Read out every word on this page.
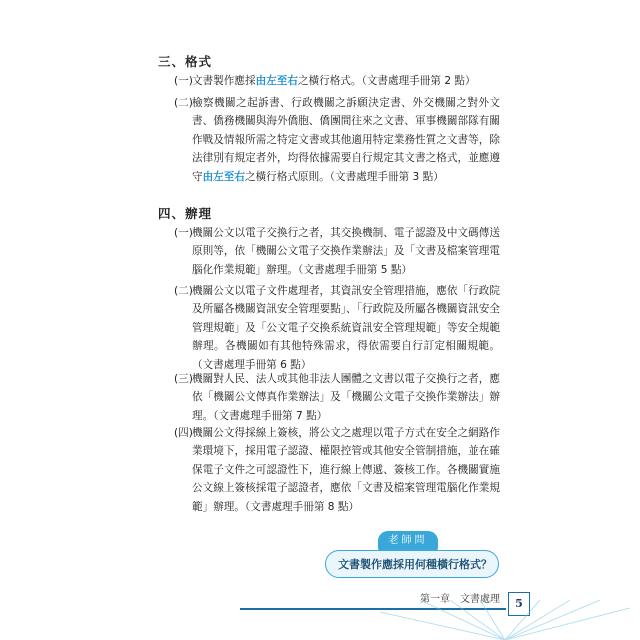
三、格式
(一) 文書製作應採由左至右之橫行格式。（文書處理手冊第 2 點）
(二) 檢察機關之起訴書、行政機關之訴願決定書、外交機關之對外文書、僑務機關與海外僑胞、僑團間往來之文書、軍事機關部隊有關作戰及情報所需之特定文書或其他適用特定業務性質之文書等，除法律別有規定者外，均得依據需要自行規定其文書之格式，並應遵守由左至右之橫行格式原則。（文書處理手冊第 3 點）
四、辦理
(一) 機關公文以電子交換行之者，其交換機制、電子認證及中文碼傳送原則等，依「機關公文電子交換作業辦法」及「文書及檔案管理電腦化作業規範」辦理。（文書處理手冊第 5 點）
(二) 機關公文以電子文件處理者，其資訊安全管理措施，應依「行政院及所屬各機關資訊安全管理要點」、「行政院及所屬各機關資訊安全管理規範」及「公文電子交換系統資訊安全管理規範」等安全規範辦理。各機關如有其他特殊需求，得依需要自行訂定相關規範。（文書處理手冊第 6 點）
(三) 機關對人民、法人或其他非法人團體之文書以電子交換行之者，應依「機關公文傳真作業辦法」及「機關公文電子交換作業辦法」辦理。（文書處理手冊第 7 點）
(四) 機關公文得採線上簽核，將公文之處理以電子方式在安全之網路作業環境下，採用電子認證、權限控管或其他安全管制措施，並在確保電子文件之可認證性下，進行線上傳遞、簽核工作。各機關實施公文線上簽核採電子認證者，應依「文書及檔案管理電腦化作業規範」辦理。（文書處理手冊第 8 點）
老師問
文書製作應採用何種橫行格式？
第一章　文書處理	5
